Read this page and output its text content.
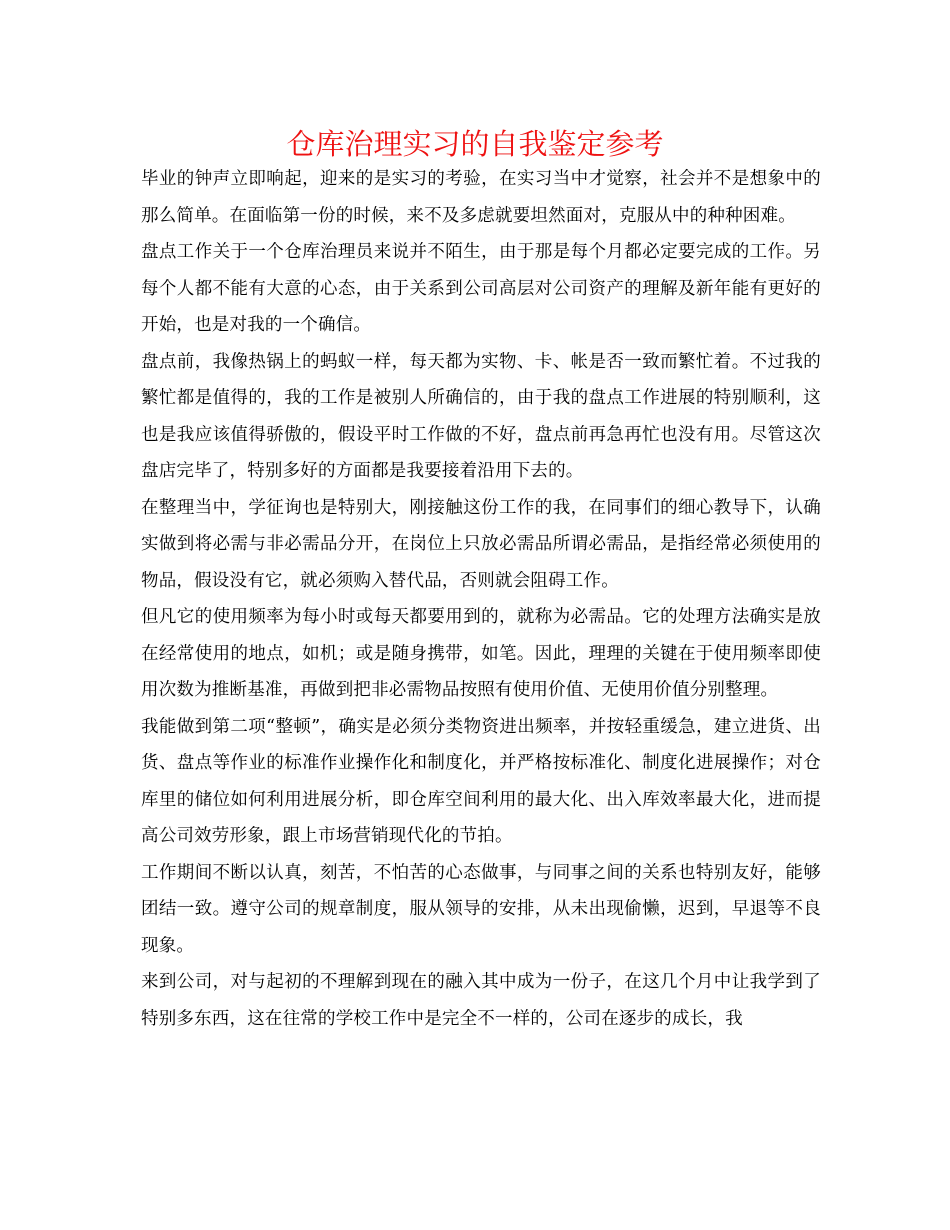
仓库治理实习的自我鉴定参考

毕业的钟声立即响起，迎来的是实习的考验，在实习当中才觉察，社会并不是想象中的那么简单。在面临第一份的时候，来不及多虑就要坦然面对，克服从中的种种困难。

盘点工作关于一个仓库治理员来说并不陌生，由于那是每个月都必定要完成的工作。另每个人都不能有大意的心态，由于关系到公司高层对公司资产的理解及新年能有更好的开始，也是对我的一个确信。

盘点前，我像热锅上的蚂蚁一样，每天都为实物、卡、帐是否一致而繁忙着。不过我的繁忙都是值得的，我的工作是被别人所确信的，由于我的盘点工作进展的特别顺利，这也是我应该值得骄傲的，假设平时工作做的不好，盘点前再急再忙也没有用。尽管这次盘店完毕了，特别多好的方面都是我要接着沿用下去的。

在整理当中，学征询也是特别大，刚接触这份工作的我，在同事们的细心教导下，认确实做到将必需与非必需品分开，在岗位上只放必需品所谓必需品，是指经常必须使用的物品，假设没有它，就必须购入替代品，否则就会阻碍工作。

但凡它的使用频率为每小时或每天都要用到的，就称为必需品。它的处理方法确实是放在经常使用的地点，如机；或是随身携带，如笔。因此，理理的关键在于使用频率即使用次数为推断基准，再做到把非必需物品按照有使用价值、无使用价值分别整理。

我能做到第二项“整顿”，确实是必须分类物资进出频率，并按轻重缓急，建立进货、出货、盘点等作业的标准作业操作化和制度化，并严格按标准化、制度化进展操作；对仓库里的储位如何利用进展分析，即仓库空间利用的最大化、出入库效率最大化，进而提高公司效劳形象，跟上市场营销现代化的节拍。

工作期间不断以认真，刻苦，不怕苦的心态做事，与同事之间的关系也特别友好，能够团结一致。遵守公司的规章制度，服从领导的安排，从未出现偷懒，迟到，早退等不良现象。

来到公司，对与起初的不理解到现在的融入其中成为一份子，在这几个月中让我学到了特别多东西，这在往常的学校工作中是完全不一样的，公司在逐步的成长，我
